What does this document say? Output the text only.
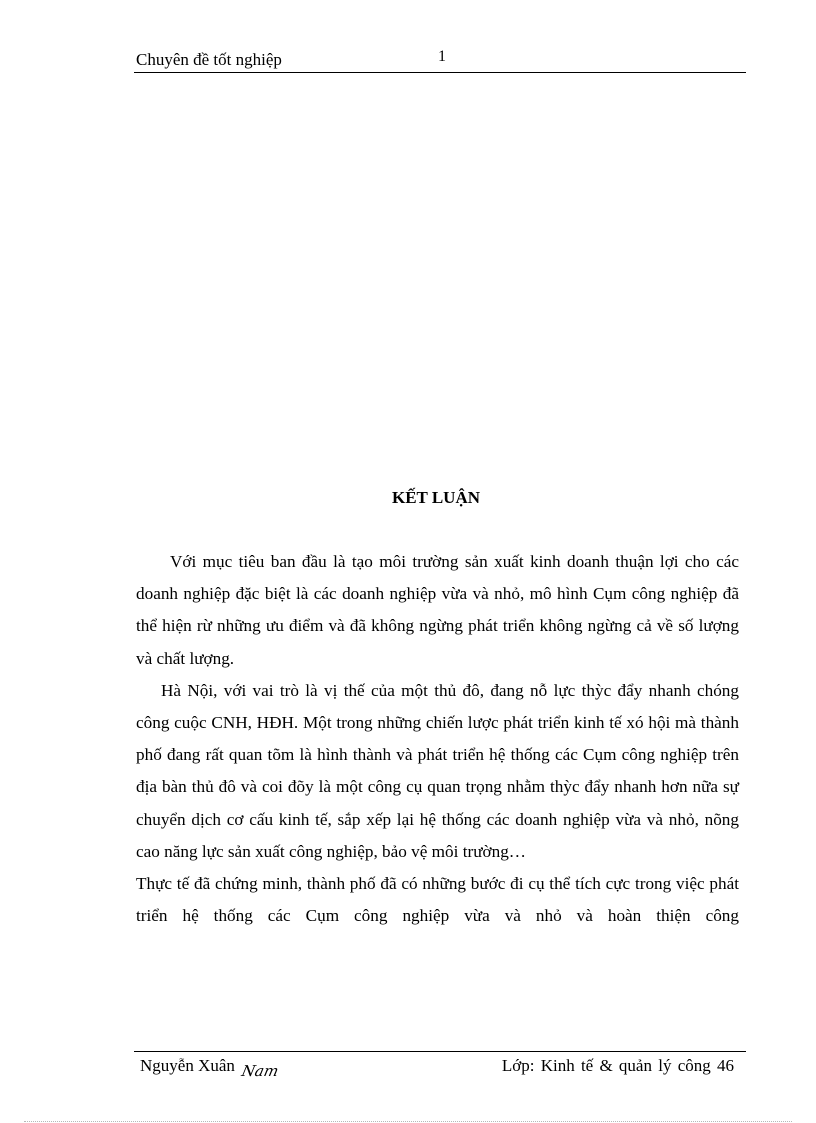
Chuyên đề tốt nghiệp	1
KẾT LUẬN

Với mục tiêu ban đầu là tạo môi trường sản xuất kinh doanh thuận lợi cho các doanh nghiệp đặc biệt là các doanh nghiệp vừa và nhỏ, mô hình Cụm công nghiệp đã thể hiện rừ những ưu điểm và đã không ngừng phát triển không ngừng cả về số lượng và chất lượng.

Hà Nội, với vai trò là vị thế của một thủ đô, đang nỗ lực thỳc đẩy nhanh chóng công cuộc CNH, HĐH. Một trong những chiến lược phát triển kinh tế xó hội mà thành phố đang rất quan tõm là hình thành và phát triển hệ thống các Cụm công nghiệp trên địa bàn thủ đô và coi đõy là một công cụ quan trọng nhằm thỳc đẩy nhanh hơn nữa sự chuyển dịch cơ cấu kinh tế, sắp xếp lại hệ thống các doanh nghiệp vừa và nhỏ, nõng cao năng lực sản xuất công nghiệp, bảo vệ môi trường…

Thực tế đã chứng minh, thành phố đã có những bước đi cụ thể tích cực trong việc phát triển hệ thống các Cụm công nghiệp vừa và nhỏ và hoàn thiện công

Nguyễn Xuân Nam	Lớp: Kinh tế & quản lý công 46
